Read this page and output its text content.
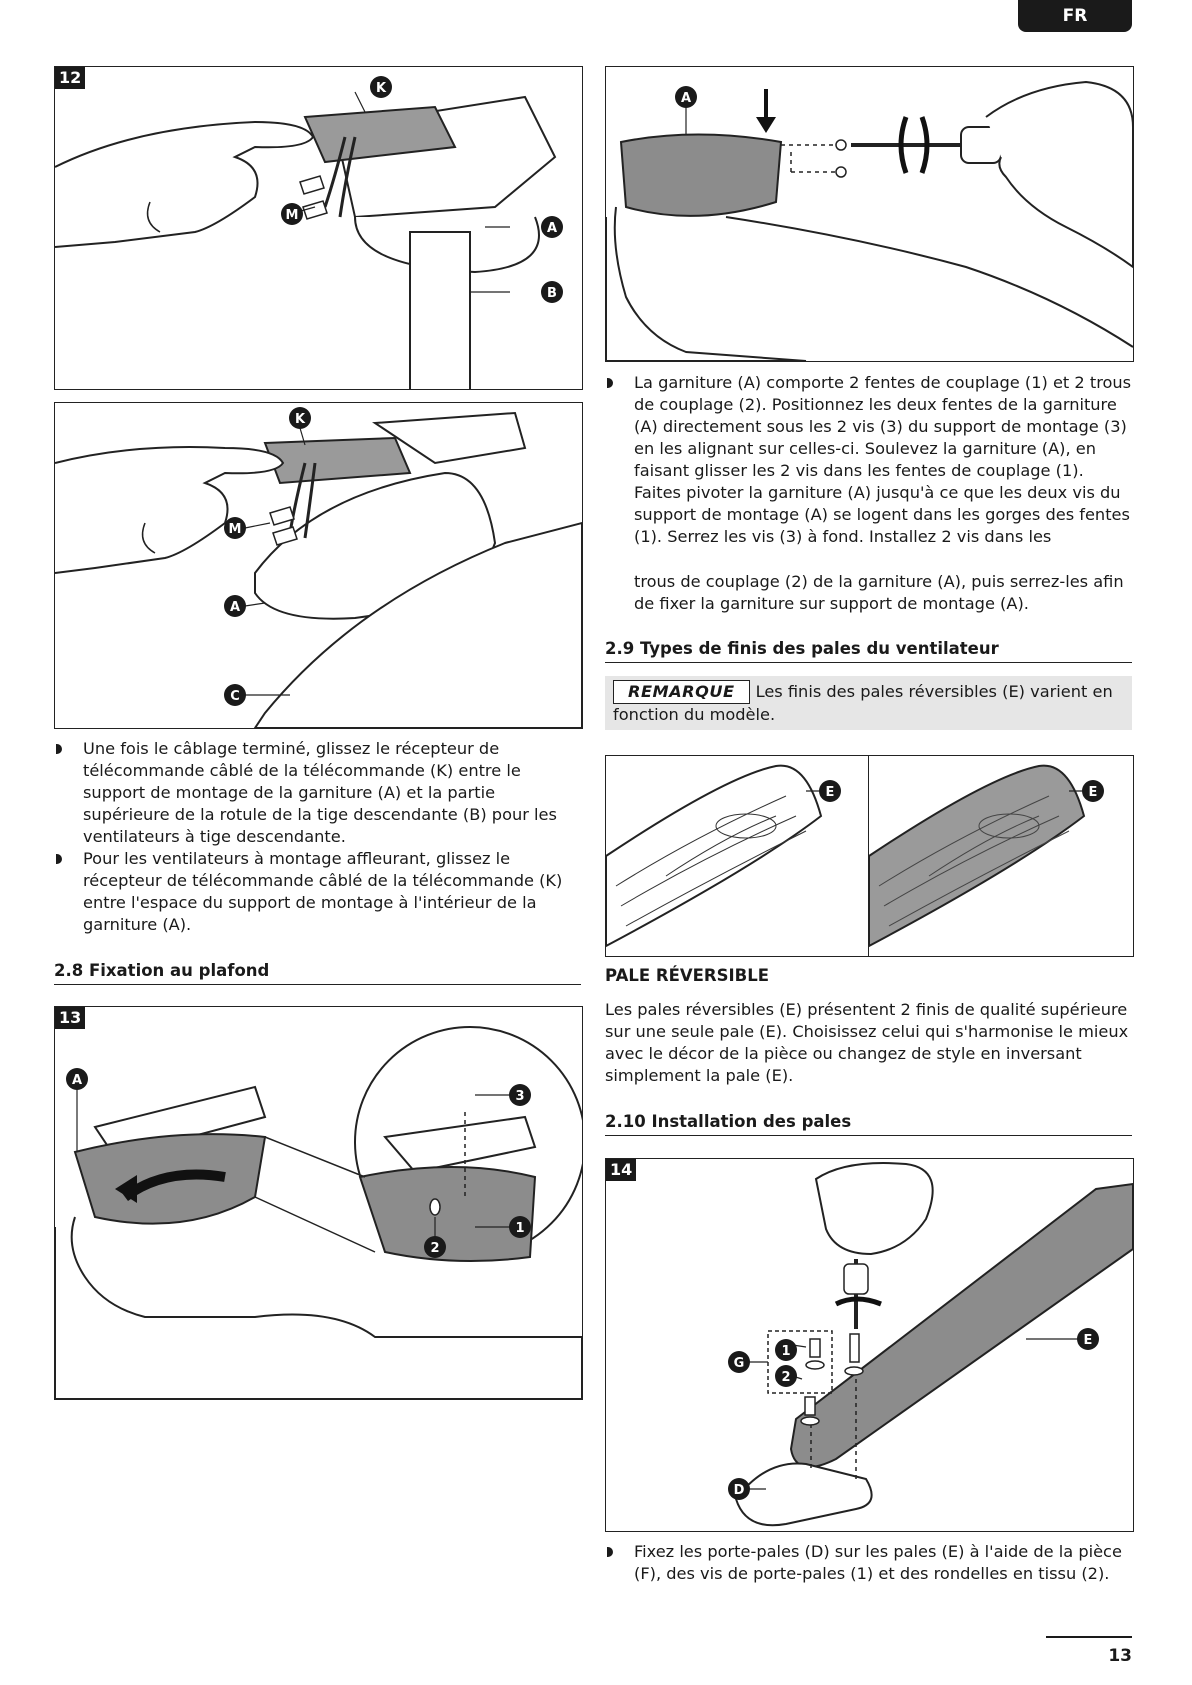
FR
K
M
A
B
12
K
M
A
C
Une fois le câblage terminé, glissez le récepteur de télécommande câblé de la télécommande (K) entre le support de montage de la garniture (A) et la partie supérieure de la rotule de la tige descendante (B) pour les ventilateurs à tige descendante.
Pour les ventilateurs à montage affleurant, glissez le récepteur de télécommande câblé de la télécommande (K) entre l'espace du support de montage à l'intérieur de la garniture (A).
2.8 Fixation au plafond
A
3
1
2
13
A
La garniture (A) comporte 2 fentes de couplage (1) et 2 trous de couplage (2). Positionnez les deux fentes de la garniture (A) directement sous les 2 vis (3) du support de montage (3) en les alignant sur celles-ci. Soulevez la garniture (A), en faisant glisser les 2 vis dans les fentes de couplage (1). Faites pivoter la garniture (A) jusqu'à ce que les deux vis du support de montage (A) se logent dans les gorges des fentes (1). Serrez les vis (3) à fond. Installez 2 vis dans les
trous de couplage (2) de la garniture (A), puis serrez-les afin de fixer la garniture sur support de montage (A).
2.9 Types de finis des pales du ventilateur
REMARQUE Les finis des pales réversibles (E) varient en fonction du modèle.
E	E
PALE RÉVERSIBLE
Les pales réversibles (E) présentent 2 finis de qualité supérieure sur une seule pale (E). Choisissez celui qui s'harmonise le mieux avec le décor de la pièce ou changez de style en inversant simplement la pale (E).
2.10 Installation des pales
G
1
2
E
D
14
Fixez les porte-pales (D) sur les pales (E) à l'aide de la pièce (F), des vis de porte-pales (1) et des rondelles en tissu (2).
13
